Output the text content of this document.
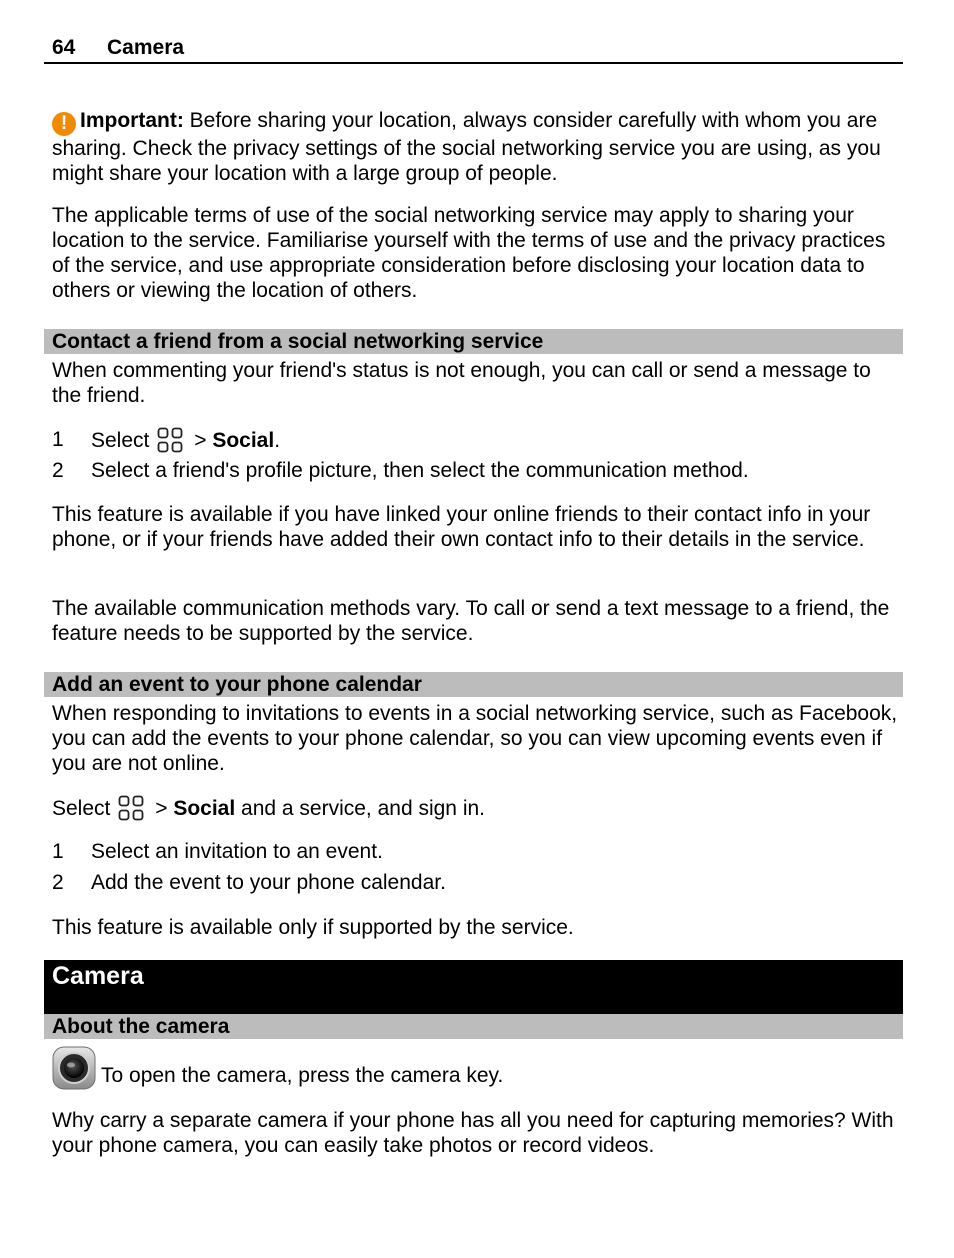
64 Camera

! Important: Before sharing your location, always consider carefully with whom you are sharing. Check the privacy settings of the social networking service you are using, as you might share your location with a large group of people.

The applicable terms of use of the social networking service may apply to sharing your location to the service. Familiarise yourself with the terms of use and the privacy practices of the service, and use appropriate consideration before disclosing your location data to others or viewing the location of others.

Contact a friend from a social networking service

When commenting your friend's status is not enough, you can call or send a message to the friend.

1 Select > Social.
2 Select a friend's profile picture, then select the communication method.

This feature is available if you have linked your online friends to their contact info in your phone, or if your friends have added their own contact info to their details in the service.

The available communication methods vary. To call or send a text message to a friend, the feature needs to be supported by the service.

Add an event to your phone calendar

When responding to invitations to events in a social networking service, such as Facebook, you can add the events to your phone calendar, so you can view upcoming events even if you are not online.

Select > Social and a service, and sign in.
1 Select an invitation to an event.
2 Add the event to your phone calendar.

This feature is available only if supported by the service.

Camera
About the camera

To open the camera, press the camera key.

Why carry a separate camera if your phone has all you need for capturing memories? With your phone camera, you can easily take photos or record videos.
